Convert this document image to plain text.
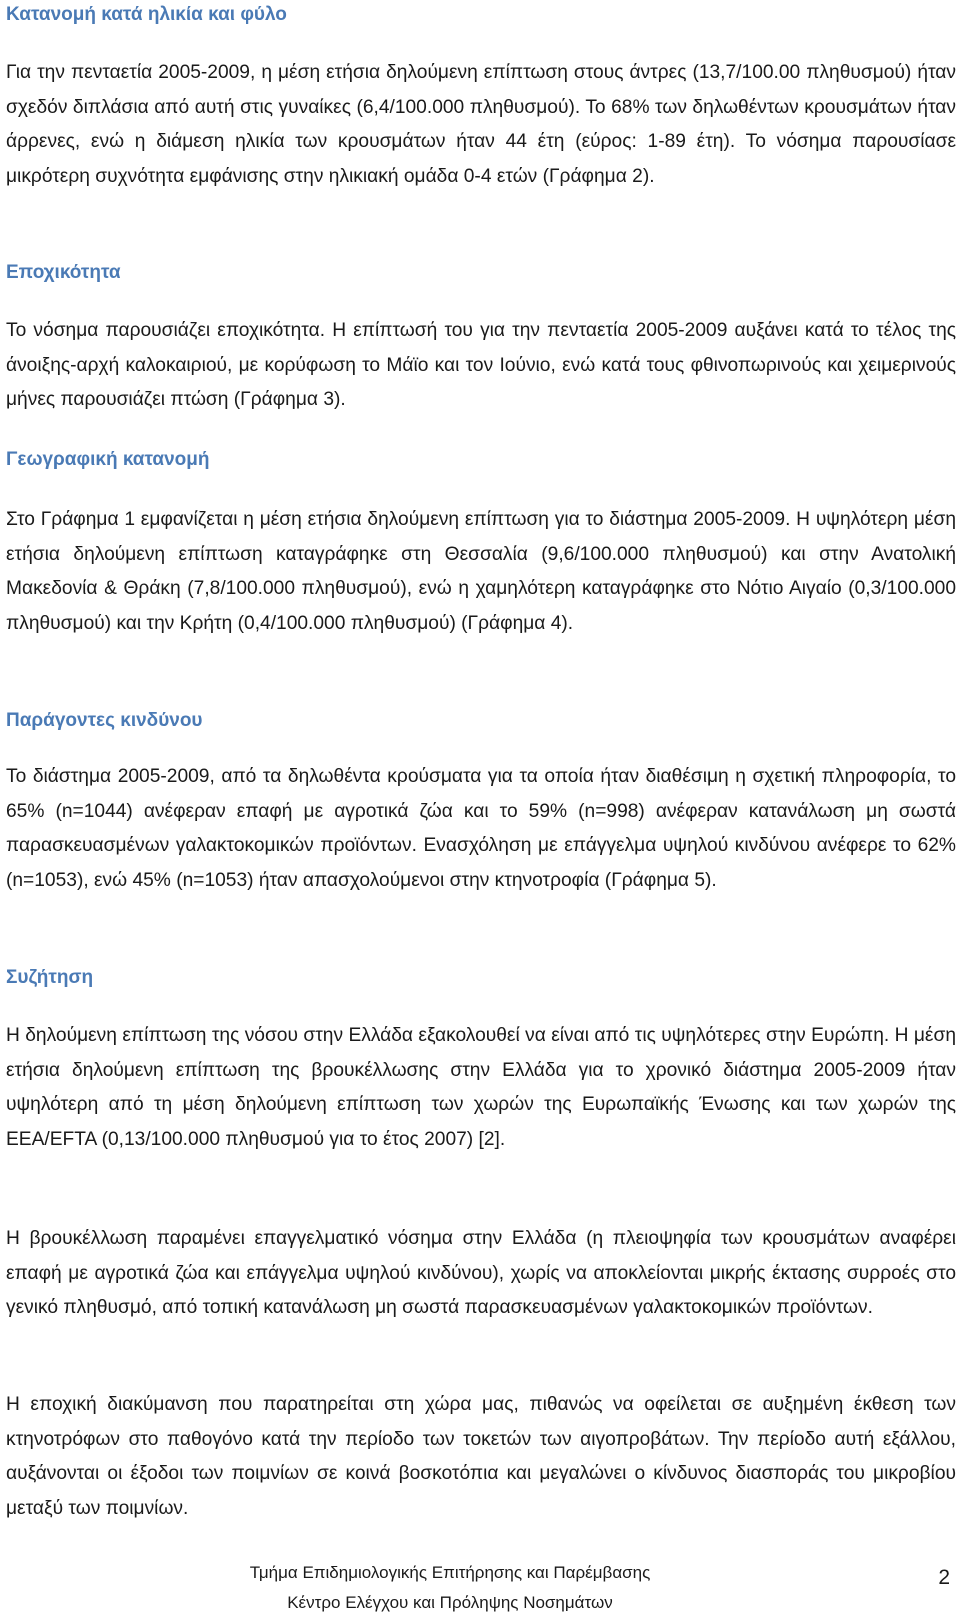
Κατανομή κατά ηλικία και φύλο

Για την πενταετία 2005-2009, η μέση ετήσια δηλούμενη επίπτωση στους άντρες (13,7/100.00 πληθυσμού) ήταν σχεδόν διπλάσια από αυτή στις γυναίκες (6,4/100.000 πληθυσμού). Το 68% των δηλωθέντων κρουσμάτων ήταν άρρενες, ενώ η διάμεση ηλικία των κρουσμάτων ήταν 44 έτη (εύρος: 1-89 έτη). Το νόσημα παρουσίασε μικρότερη συχνότητα εμφάνισης στην ηλικιακή ομάδα 0-4 ετών (Γράφημα 2).

Εποχικότητα

Το νόσημα παρουσιάζει εποχικότητα. Η επίπτωσή του για την πενταετία 2005-2009 αυξάνει κατά το τέλος της άνοιξης-αρχή καλοκαιριού, με κορύφωση το Μάϊο και τον Ιούνιο, ενώ κατά τους φθινοπωρινούς και χειμερινούς μήνες παρουσιάζει πτώση (Γράφημα 3).

Γεωγραφική κατανομή

Στο Γράφημα 1 εμφανίζεται η μέση ετήσια δηλούμενη επίπτωση για το διάστημα 2005-2009. Η υψηλότερη μέση ετήσια δηλούμενη επίπτωση καταγράφηκε στη Θεσσαλία (9,6/100.000 πληθυσμού) και στην Ανατολική Μακεδονία & Θράκη (7,8/100.000 πληθυσμού), ενώ η χαμηλότερη καταγράφηκε στο Νότιο Αιγαίο (0,3/100.000 πληθυσμού) και την Κρήτη (0,4/100.000 πληθυσμού) (Γράφημα 4).

Παράγοντες κινδύνου

Το διάστημα 2005-2009, από τα δηλωθέντα κρούσματα για τα οποία ήταν διαθέσιμη η σχετική πληροφορία, το 65% (n=1044) ανέφεραν επαφή με αγροτικά ζώα και το 59% (n=998) ανέφεραν κατανάλωση μη σωστά παρασκευασμένων γαλακτοκομικών προϊόντων. Ενασχόληση με επάγγελμα υψηλού κινδύνου ανέφερε το 62% (n=1053), ενώ 45% (n=1053) ήταν απασχολούμενοι στην κτηνοτροφία (Γράφημα 5).

Συζήτηση

Η δηλούμενη επίπτωση της νόσου στην Ελλάδα εξακολουθεί να είναι από τις υψηλότερες στην Ευρώπη. Η μέση ετήσια δηλούμενη επίπτωση της βρουκέλλωσης στην Ελλάδα για το χρονικό διάστημα 2005-2009 ήταν υψηλότερη από τη μέση δηλούμενη επίπτωση των χωρών της Ευρωπαϊκής Ένωσης και των χωρών της ΕΕΑ/EFTA (0,13/100.000 πληθυσμού για το έτος 2007) [2].

Η βρουκέλλωση παραμένει επαγγελματικό νόσημα στην Ελλάδα (η πλειοψηφία των κρουσμάτων αναφέρει επαφή με αγροτικά ζώα και επάγγελμα υψηλού κινδύνου), χωρίς να αποκλείονται μικρής έκτασης συρροές στο γενικό πληθυσμό, από τοπική κατανάλωση μη σωστά παρασκευασμένων γαλακτοκομικών προϊόντων.

Η εποχική διακύμανση που παρατηρείται στη χώρα μας, πιθανώς να οφείλεται σε αυξημένη έκθεση των κτηνοτρόφων στο παθογόνο κατά την περίοδο των τοκετών των αιγοπροβάτων. Την περίοδο αυτή εξάλλου, αυξάνονται οι έξοδοι των ποιμνίων σε κοινά βοσκοτόπια και μεγαλώνει ο κίνδυνος διασποράς του μικροβίου μεταξύ των ποιμνίων.

Τμήμα Επιδημιολογικής Επιτήρησης και Παρέμβασης
Κέντρο Ελέγχου και Πρόληψης Νοσημάτων
2
